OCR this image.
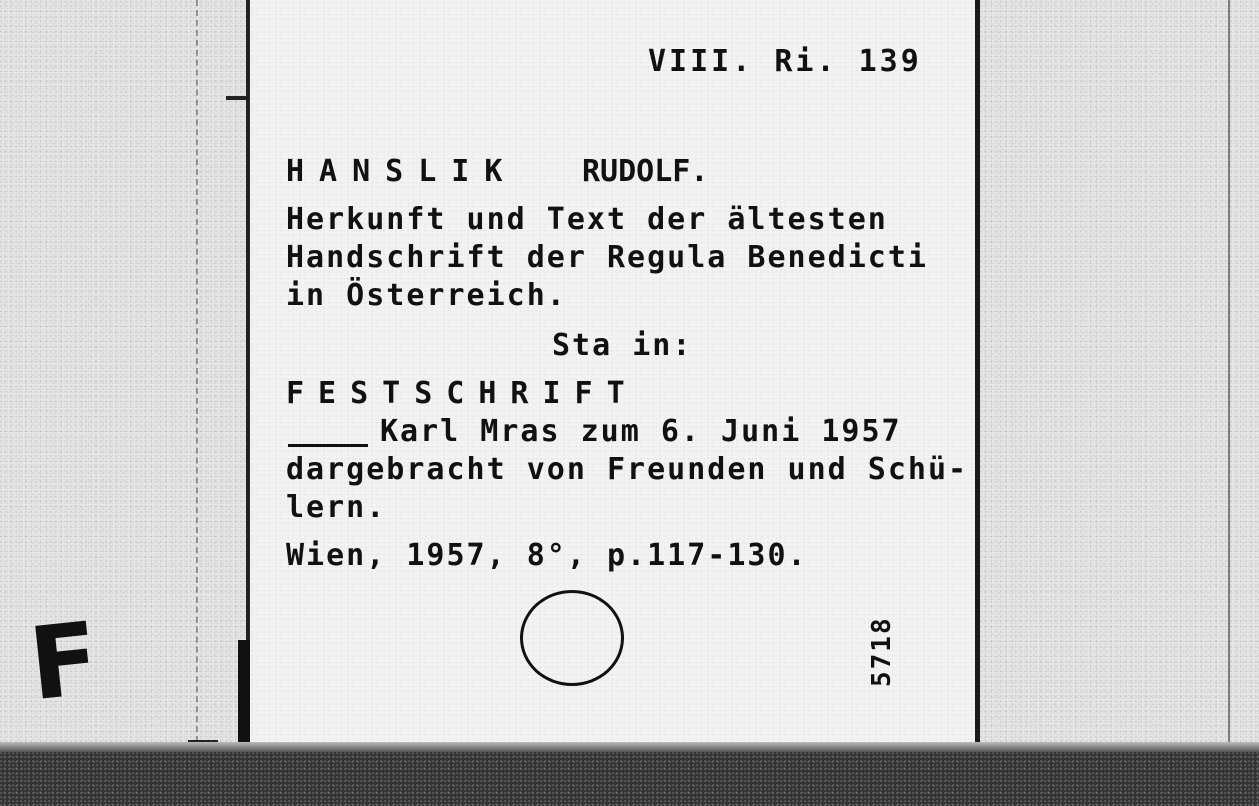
VIII. Ri. 139
HANSLIK RUDOLF.
Herkunft und Text der ältesten
Handschrift der Regula Benedicti
in Österreich.
Sta in:
FESTSCHRIFT
Karl Mras zum 6. Juni 1957
dargebracht von Freunden und Schü-
lern.
Wien, 1957, 8°, p.117-130.
5718
F
